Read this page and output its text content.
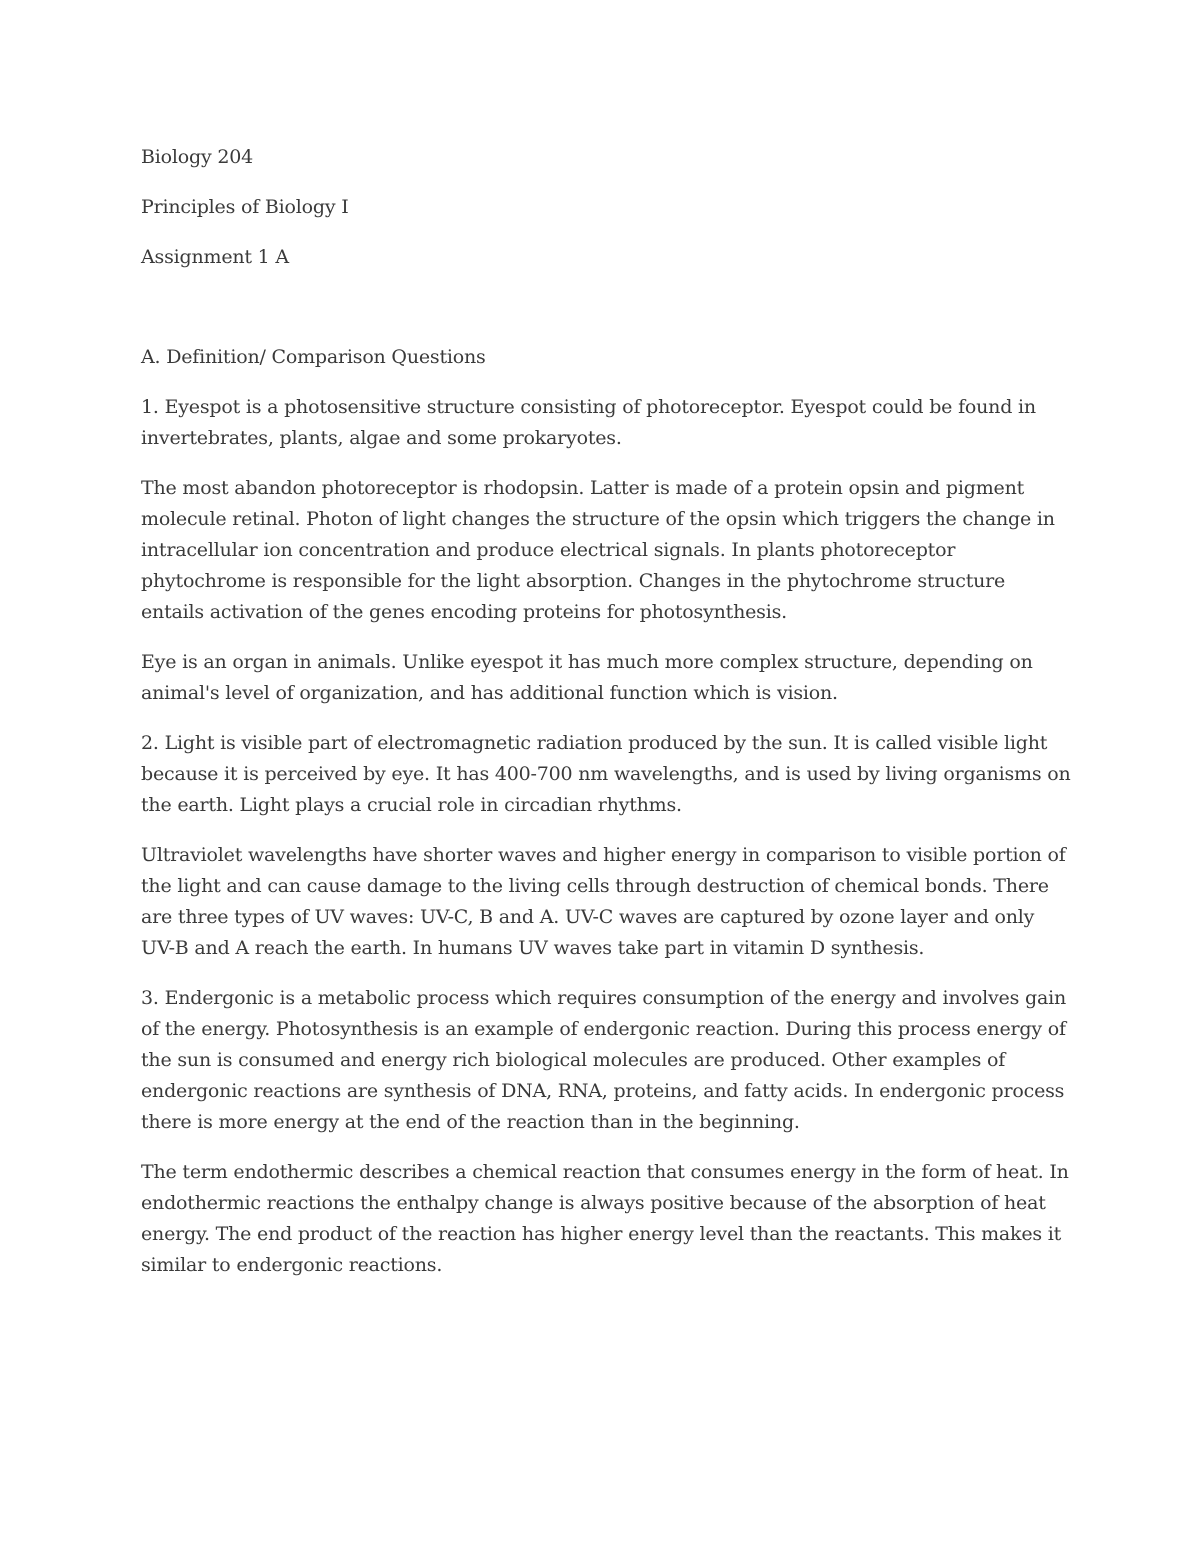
Biology 204
Principles of Biology I
Assignment 1 A

A. Definition/ Comparison Questions

1. Eyespot is a photosensitive structure consisting of photoreceptor. Eyespot could be found in invertebrates, plants, algae and some prokaryotes.

The most abandon photoreceptor is rhodopsin. Latter is made of a protein opsin and pigment molecule retinal. Photon of light changes the structure of the opsin which triggers the change in intracellular ion concentration and produce electrical signals. In plants photoreceptor phytochrome is responsible for the light absorption. Changes in the phytochrome structure entails activation of the genes encoding proteins for photosynthesis.

Eye is an organ in animals. Unlike eyespot it has much more complex structure, depending on animal's level of organization, and has additional function which is vision.

2. Light is visible part of electromagnetic radiation produced by the sun. It is called visible light because it is perceived by eye. It has 400-700 nm wavelengths, and is used by living organisms on the earth. Light plays a crucial role in circadian rhythms.

Ultraviolet wavelengths have shorter waves and higher energy in comparison to visible portion of the light and can cause damage to the living cells through destruction of chemical bonds. There are three types of UV waves: UV-C, B and A. UV-C waves are captured by ozone layer and only UV-B and A reach the earth. In humans UV waves take part in vitamin D synthesis.

3. Endergonic is a metabolic process which requires consumption of the energy and involves gain of the energy. Photosynthesis is an example of endergonic reaction. During this process energy of the sun is consumed and energy rich biological molecules are produced. Other examples of endergonic reactions are synthesis of DNA, RNA, proteins, and fatty acids. In endergonic process there is more energy at the end of the reaction than in the beginning.

The term endothermic describes a chemical reaction that consumes energy in the form of heat. In endothermic reactions the enthalpy change is always positive because of the absorption of heat energy. The end product of the reaction has higher energy level than the reactants. This makes it similar to endergonic reactions.
